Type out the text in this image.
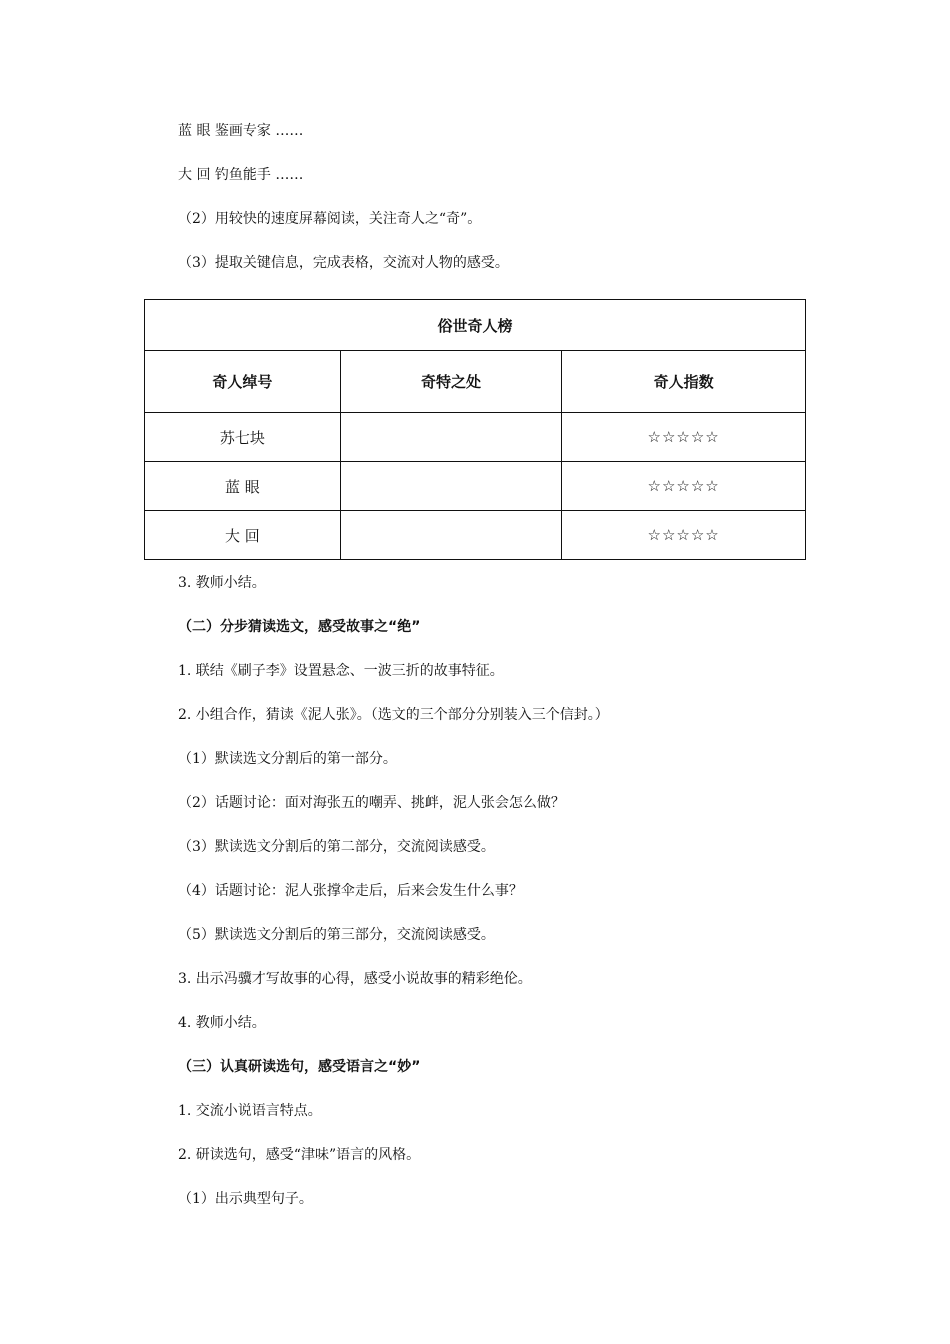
蓝 眼 鉴画专家 ……
大 回 钓鱼能手 ……
（2）用较快的速度屏幕阅读，关注奇人之“奇”。
（3）提取关键信息，完成表格，交流对人物的感受。
俗世奇人榜		
奇人绰号	奇特之处	奇人指数
苏七块		☆☆☆☆☆
蓝 眼		☆☆☆☆☆
大 回		☆☆☆☆☆
3. 教师小结。
（二）分步猜读选文，感受故事之“绝”
1. 联结《刷子李》设置悬念、一波三折的故事特征。
2. 小组合作，猜读《泥人张》。（选文的三个部分分别装入三个信封。）
（1）默读选文分割后的第一部分。
（2）话题讨论：面对海张五的嘲弄、挑衅，泥人张会怎么做？
（3）默读选文分割后的第二部分，交流阅读感受。
（4）话题讨论：泥人张撑伞走后，后来会发生什么事？
（5）默读选文分割后的第三部分，交流阅读感受。
3. 出示冯骥才写故事的心得，感受小说故事的精彩绝伦。
4. 教师小结。
（三）认真研读选句，感受语言之“妙”
1. 交流小说语言特点。
2. 研读选句，感受“津味”语言的风格。
（1）出示典型句子。
